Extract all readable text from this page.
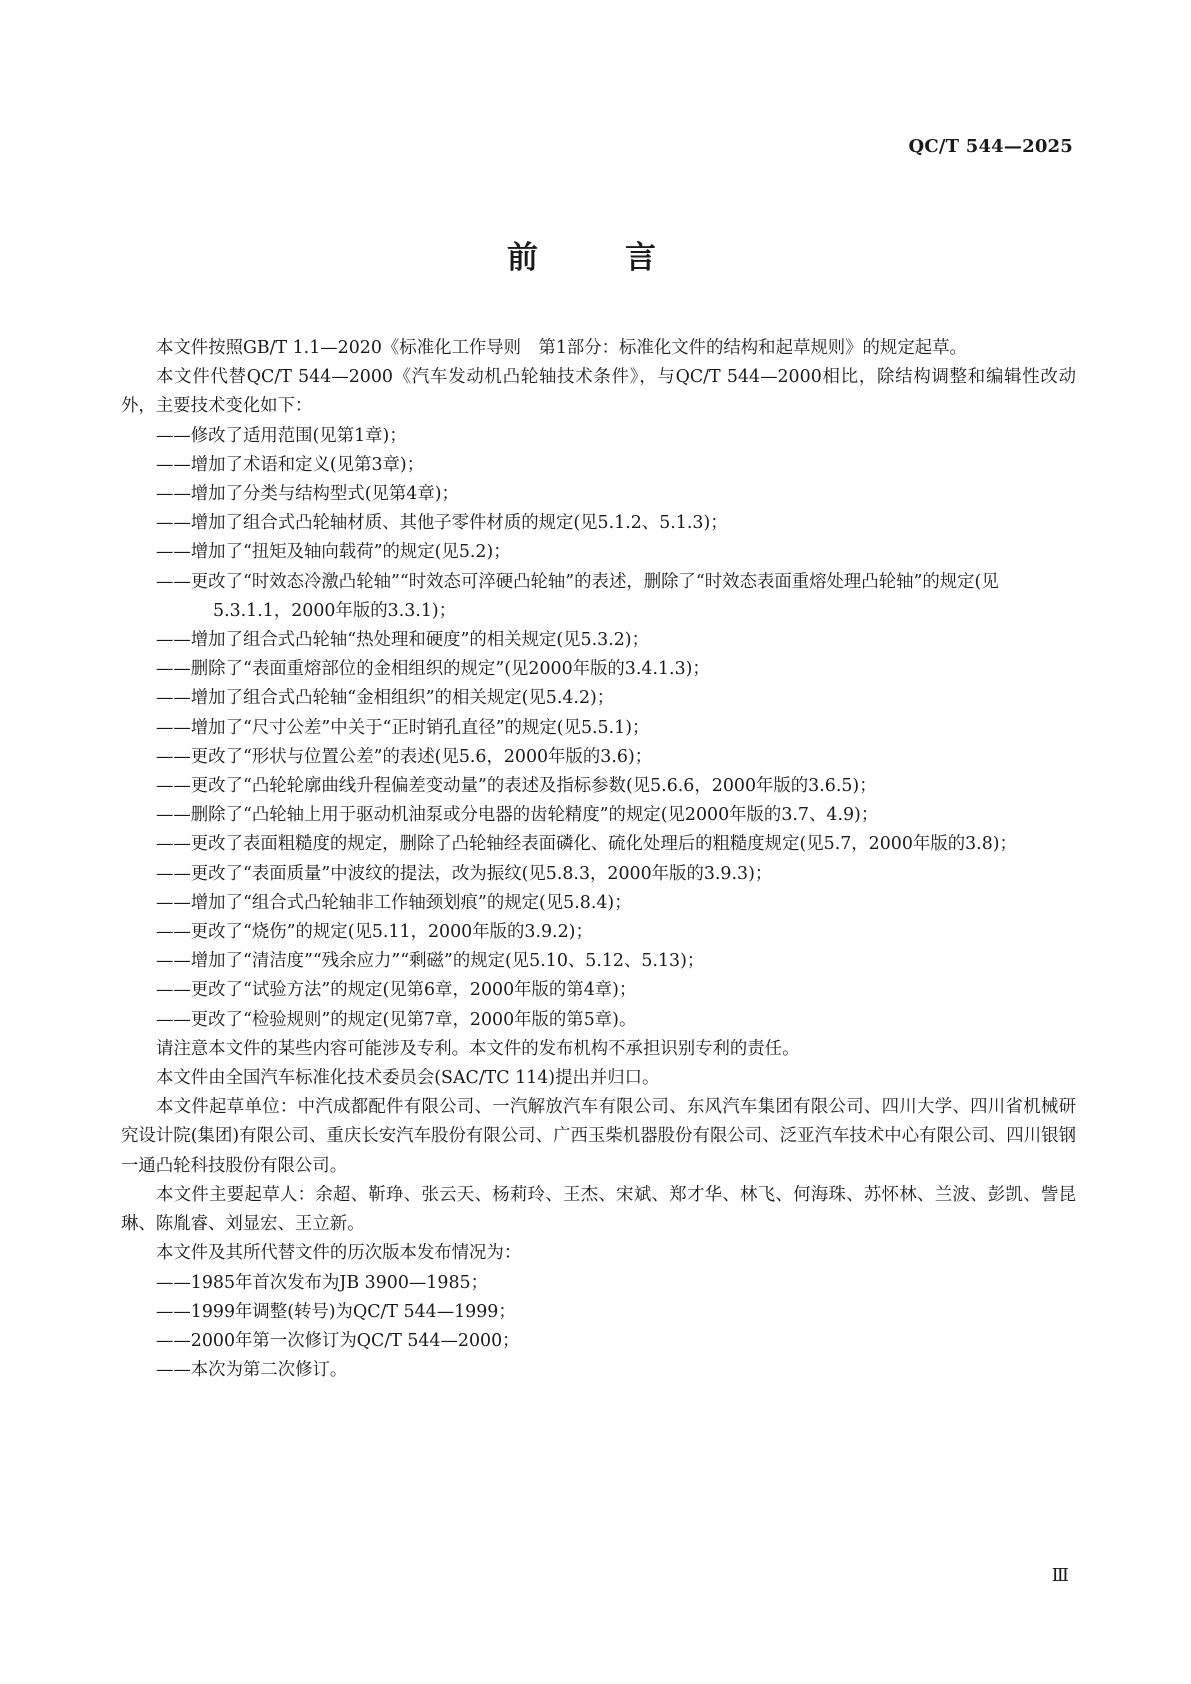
QC/T 544—2025
前　言

本文件按照GB/T 1.1—2020《标准化工作导则　第1部分：标准化文件的结构和起草规则》的规定起草。

本文件代替QC/T 544—2000《汽车发动机凸轮轴技术条件》，与QC/T 544—2000相比，除结构调整和编辑性改动外，主要技术变化如下：

——修改了适用范围(见第1章)；

——增加了术语和定义(见第3章)；

——增加了分类与结构型式(见第4章)；

——增加了组合式凸轮轴材质、其他子零件材质的规定(见5.1.2、5.1.3)；

——增加了“扭矩及轴向载荷”的规定(见5.2)；

——更改了“时效态冷激凸轮轴”“时效态可淬硬凸轮轴”的表述，删除了“时效态表面重熔处理凸轮轴”的规定(见5.3.1.1，2000年版的3.3.1)；

——增加了组合式凸轮轴“热处理和硬度”的相关规定(见5.3.2)；

——删除了“表面重熔部位的金相组织的规定”(见2000年版的3.4.1.3)；

——增加了组合式凸轮轴“金相组织”的相关规定(见5.4.2)；

——增加了“尺寸公差”中关于“正时销孔直径”的规定(见5.5.1)；

——更改了“形状与位置公差”的表述(见5.6，2000年版的3.6)；

——更改了“凸轮轮廓曲线升程偏差变动量”的表述及指标参数(见5.6.6，2000年版的3.6.5)；

——删除了“凸轮轴上用于驱动机油泵或分电器的齿轮精度”的规定(见2000年版的3.7、4.9)；

——更改了表面粗糙度的规定，删除了凸轮轴经表面磷化、硫化处理后的粗糙度规定(见5.7，2000年版的3.8)；

——更改了“表面质量”中波纹的提法，改为振纹(见5.8.3，2000年版的3.9.3)；

——增加了“组合式凸轮轴非工作轴颈划痕”的规定(见5.8.4)；

——更改了“烧伤”的规定(见5.11，2000年版的3.9.2)；

——增加了“清洁度”“残余应力”“剩磁”的规定(见5.10、5.12、5.13)；

——更改了“试验方法”的规定(见第6章，2000年版的第4章)；

——更改了“检验规则”的规定(见第7章，2000年版的第5章)。

请注意本文件的某些内容可能涉及专利。本文件的发布机构不承担识别专利的责任。

本文件由全国汽车标准化技术委员会(SAC/TC 114)提出并归口。

本文件起草单位：中汽成都配件有限公司、一汽解放汽车有限公司、东风汽车集团有限公司、四川大学、四川省机械研究设计院(集团)有限公司、重庆长安汽车股份有限公司、广西玉柴机器股份有限公司、泛亚汽车技术中心有限公司、四川银钢一通凸轮科技股份有限公司。

本文件主要起草人：余超、靳琤、张云天、杨莉玲、王杰、宋斌、郑才华、林飞、何海珠、苏怀林、兰波、彭凯、訾昆琳、陈胤睿、刘显宏、王立新。

本文件及其所代替文件的历次版本发布情况为：

——1985年首次发布为JB 3900—1985；

——1999年调整(转号)为QC/T 544—1999；

——2000年第一次修订为QC/T 544—2000；

——本次为第二次修订。

Ⅲ
